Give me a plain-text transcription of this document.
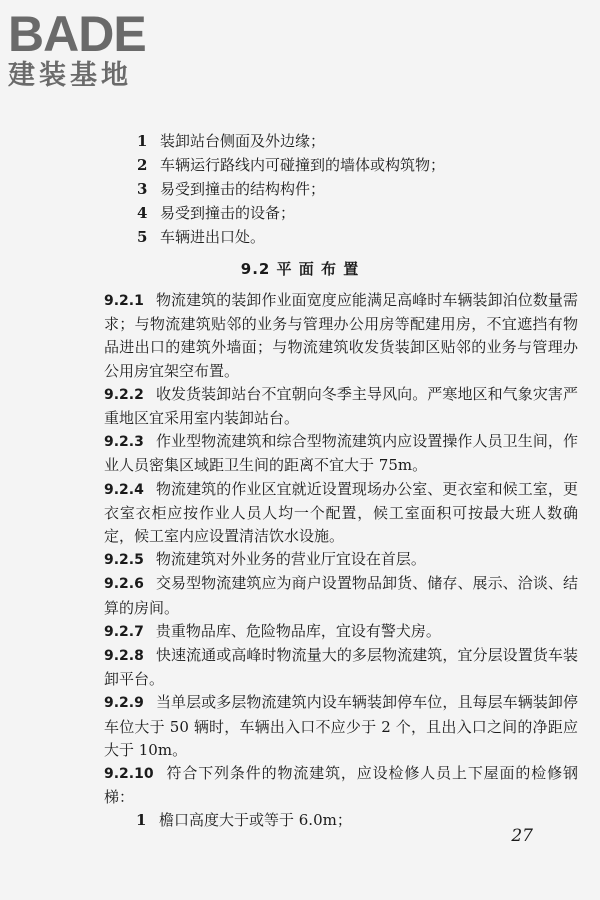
BADE
建装基地
1 装卸站台侧面及外边缘；
2 车辆运行路线内可碰撞到的墙体或构筑物；
3 易受到撞击的结构构件；
4 易受到撞击的设备；
5 车辆进出口处。
9.2 平 面 布 置
9.2.1 物流建筑的装卸作业面宽度应能满足高峰时车辆装卸泊位数量需求；与物流建筑贴邻的业务与管理办公用房等配建用房，不宜遮挡有物品进出口的建筑外墙面；与物流建筑收发货装卸区贴邻的业务与管理办公用房宜架空布置。
9.2.2 收发货装卸站台不宜朝向冬季主导风向。严寒地区和气象灾害严重地区宜采用室内装卸站台。
9.2.3 作业型物流建筑和综合型物流建筑内应设置操作人员卫生间，作业人员密集区域距卫生间的距离不宜大于 75m。
9.2.4 物流建筑的作业区宜就近设置现场办公室、更衣室和候工室，更衣室衣柜应按作业人员人均一个配置，候工室面积可按最大班人数确定，候工室内应设置清洁饮水设施。
9.2.5 物流建筑对外业务的营业厅宜设在首层。
9.2.6 交易型物流建筑应为商户设置物品卸货、储存、展示、洽谈、结算的房间。
9.2.7 贵重物品库、危险物品库，宜设有警犬房。
9.2.8 快速流通或高峰时物流量大的多层物流建筑，宜分层设置货车装卸平台。
9.2.9 当单层或多层物流建筑内设车辆装卸停车位，且每层车辆装卸停车位大于 50 辆时，车辆出入口不应少于 2 个，且出入口之间的净距应大于 10m。
9.2.10 符合下列条件的物流建筑，应设检修人员上下屋面的检修钢梯：
1 檐口高度大于或等于 6.0m；
27
